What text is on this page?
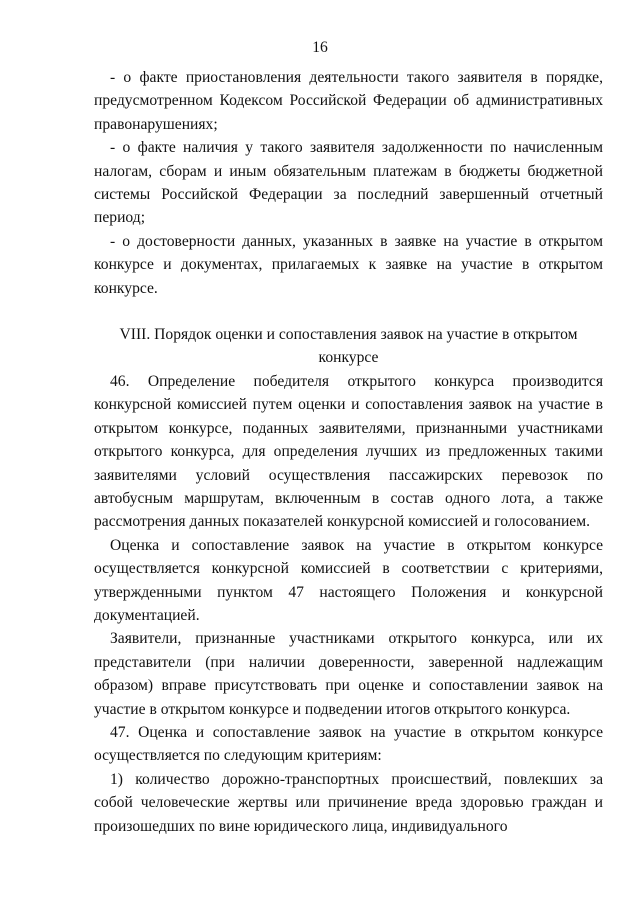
16

- о факте приостановления деятельности такого заявителя в порядке, предусмотренном Кодексом Российской Федерации об административных правонарушениях;

- о факте наличия у такого заявителя задолженности по начисленным налогам, сборам и иным обязательным платежам в бюджеты бюджетной системы Российской Федерации за последний завершенный отчетный период;

- о достоверности данных, указанных в заявке на участие в открытом конкурсе и документах, прилагаемых к заявке на участие в открытом конкурсе.

VIII. Порядок оценки и сопоставления заявок на участие в открытом конкурсе

46. Определение победителя открытого конкурса производится конкурсной комиссией путем оценки и сопоставления заявок на участие в открытом конкурсе, поданных заявителями, признанными участниками открытого конкурса, для определения лучших из предложенных такими заявителями условий осуществления пассажирских перевозок по автобусным маршрутам, включенным в состав одного лота, а также рассмотрения данных показателей конкурсной комиссией и голосованием.

Оценка и сопоставление заявок на участие в открытом конкурсе осуществляется конкурсной комиссией в соответствии с критериями, утвержденными пунктом 47 настоящего Положения и конкурсной документацией.

Заявители, признанные участниками открытого конкурса, или их представители (при наличии доверенности, заверенной надлежащим образом) вправе присутствовать при оценке и сопоставлении заявок на участие в открытом конкурсе и подведении итогов открытого конкурса.

47. Оценка и сопоставление заявок на участие в открытом конкурсе осуществляется по следующим критериям:

1) количество дорожно-транспортных происшествий, повлекших за собой человеческие жертвы или причинение вреда здоровью граждан и произошедших по вине юридического лица, индивидуального
